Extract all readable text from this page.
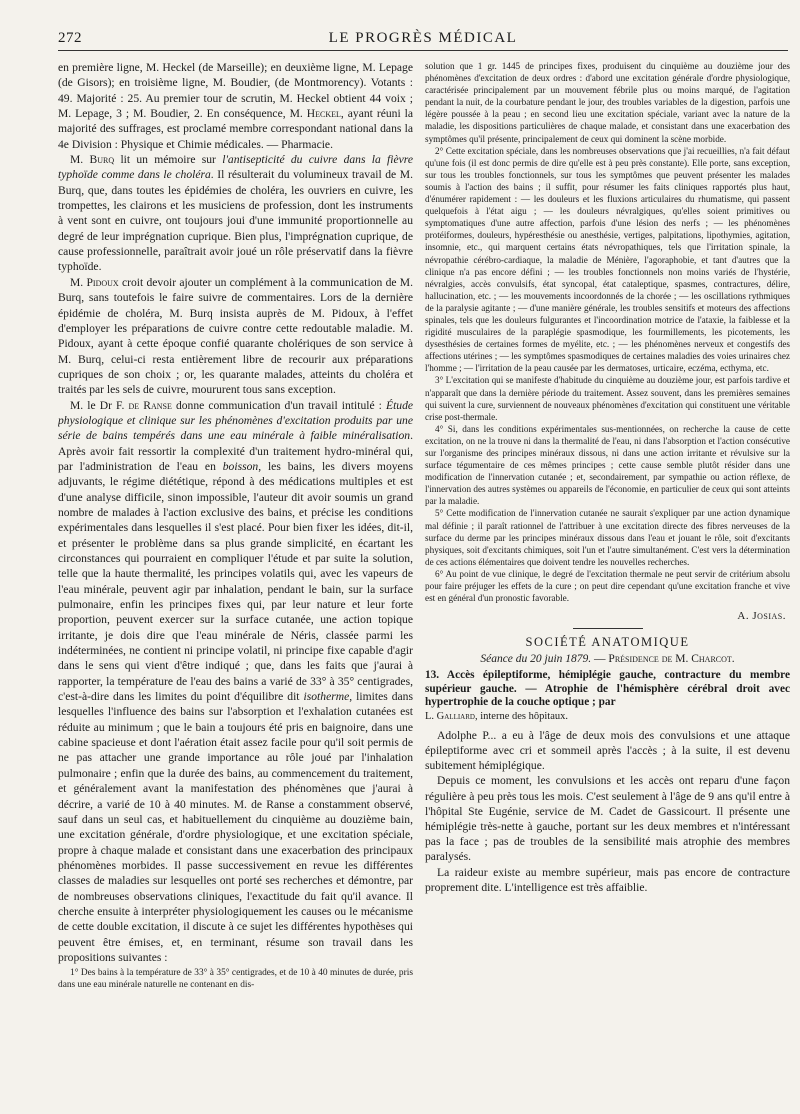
272	LE PROGRÈS MÉDICAL

en première ligne, M. Heckel (de Marseille); en deuxième ligne, M. Lepage (de Gisors); en troisième ligne, M. Boudier, (de Montmorency). Votants : 49. Majorité : 25. Au premier tour de scrutin, M. Heckel obtient 44 voix ; M. Lepage, 3 ; M. Boudier, 2. En conséquence, M. Heckel, ayant réuni la majorité des suffrages, est proclamé membre correspondant national dans la 4e Division : Physique et Chimie médicales. — Pharmacie.

M. Burq lit un mémoire sur l'antisepticité du cuivre dans la fièvre typhoïde comme dans le choléra. Il résulterait du volumineux travail de M. Burq, que, dans toutes les épidémies de choléra, les ouvriers en cuivre, les trompettes, les clairons et les musiciens de profession, dont les instruments à vent sont en cuivre, ont toujours joui d'une immunité proportionnelle au degré de leur imprégnation cuprique. Bien plus, l'imprégnation cuprique, de cause professionnelle, paraîtrait avoir joué un rôle préservatif dans la fièvre typhoïde.

M. Pidoux croit devoir ajouter un complément à la communication de M. Burq, sans toutefois le faire suivre de commentaires. Lors de la dernière épidémie de choléra, M. Burq insista auprès de M. Pidoux, à l'effet d'employer les préparations de cuivre contre cette redoutable maladie. M. Pidoux, ayant à cette époque confié quarante cholériques de son service à M. Burq, celui-ci resta entièrement libre de recourir aux préparations cupriques de son choix ; or, les quarante malades, atteints du choléra et traités par les sels de cuivre, moururent tous sans exception.

M. le Dr F. de Ranse donne communication d'un travail intitulé : Étude physiologique et clinique sur les phénomènes d'excitation produits par une série de bains tempérés dans une eau minérale à faible minéralisation. Après avoir fait ressortir la complexité d'un traitement hydro-minéral qui, par l'administration de l'eau en boisson, les bains, les divers moyens adjuvants, le régime diététique, répond à des médications multiples et est d'une analyse difficile, sinon impossible, l'auteur dit avoir soumis un grand nombre de malades à l'action exclusive des bains, et précise les conditions expérimentales dans lesquelles il s'est placé. Pour bien fixer les idées, dit-il, et présenter le problème dans sa plus grande simplicité, en écartant les circonstances qui pourraient en compliquer l'étude et par suite la solution, telle que la haute thermalité, les principes volatils qui, avec les vapeurs de l'eau minérale, peuvent agir par inhalation, pendant le bain, sur la surface pulmonaire, enfin les principes fixes qui, par leur nature et leur forte proportion, peuvent exercer sur la surface cutanée, une action topique irritante, je dois dire que l'eau minérale de Néris, classée parmi les indéterminées, ne contient ni principe volatil, ni principe fixe capable d'agir dans le sens qui vient d'être indiqué ; que, dans les faits que j'aurai à rapporter, la température de l'eau des bains a varié de 33° à 35° centigrades, c'est-à-dire dans les limites du point d'équilibre dit isotherme, limites dans lesquelles l'influence des bains sur l'absorption et l'exhalation cutanées est réduite au minimum ; que le bain a toujours été pris en baignoire, dans une cabine spacieuse et dont l'aération était assez facile pour qu'il soit permis de ne pas attacher une grande importance au rôle joué par l'inhalation pulmonaire ; enfin que la durée des bains, au commencement du traitement, et généralement avant la manifestation des phénomènes que j'aurai à décrire, a varié de 10 à 40 minutes. M. de Ranse a constamment observé, sauf dans un seul cas, et habituellement du cinquième au douzième bain, une excitation générale, d'ordre physiologique, et une excitation spéciale, propre à chaque malade et consistant dans une exacerbation des principaux phénomènes morbides. Il passe successivement en revue les différentes classes de maladies sur lesquelles ont porté ses recherches et démontre, par de nombreuses observations cliniques, l'exactitude du fait qu'il avance. Il cherche ensuite à interpréter physiologiquement les causes ou le mécanisme de cette double excitation, il discute à ce sujet les différentes hypothèses qui peuvent être émises, et, en terminant, résume son travail dans les propositions suivantes :

1° Des bains à la température de 33° à 35° centigrades, et de 10 à 40 minutes de durée, pris dans une eau minérale naturelle ne contenant en dis-

solution que 1 gr. 1445 de principes fixes, produisent du cinquième au douzième jour des phénomènes d'excitation de deux ordres : d'abord une excitation générale d'ordre physiologique, caractérisée principalement par un mouvement fébrile plus ou moins marqué, de l'agitation pendant la nuit, de la courbature pendant le jour, des troubles variables de la digestion, parfois une légère poussée à la peau ; en second lieu une excitation spéciale, variant avec la nature de la maladie, les dispositions particulières de chaque malade, et consistant dans une exacerbation des symptômes qu'il présente, principalement de ceux qui dominent la scène morbide.

2° Cette excitation spéciale, dans les nombreuses observations que j'ai recueillies, n'a fait défaut qu'une fois (il est donc permis de dire qu'elle est à peu près constante). Elle porte, sans exception, sur tous les troubles fonctionnels, sur tous les symptômes que peuvent présenter les malades soumis à l'action des bains ; il suffit, pour résumer les faits cliniques rapportés plus haut, d'énumérer rapidement : — les douleurs et les fluxions articulaires du rhumatisme, qui passent quelquefois à l'état aigu ; — les douleurs névralgiques, qu'elles soient primitives ou symptomatiques d'une autre affection, parfois d'une lésion des nerfs ; — les phénomènes protéiformes, douleurs, hypéresthésie ou anesthésie, vertiges, palpitations, lipothymies, agitation, insomnie, etc., qui marquent certains états névropathiques, tels que l'irritation spinale, la névropathie cérébro-cardiaque, la maladie de Ménière, l'agoraphobie, et tant d'autres que la clinique n'a pas encore défini ; — les troubles fonctionnels non moins variés de l'hystérie, névralgies, accès convulsifs, état syncopal, état cataleptique, spasmes, contractures, délire, hallucination, etc. ; — les mouvements incoordonnés de la chorée ; — les oscillations rythmiques de la paralysie agitante ; — d'une manière générale, les troubles sensitifs et moteurs des affections spinales, tels que les douleurs fulgurantes et l'incoordination motrice de l'ataxie, la faiblesse et la rigidité musculaires de la paraplégie spasmodique, les fourmillements, les picotements, les dysesthésies de certaines formes de myélite, etc. ; — les phénomènes nerveux et congestifs des affections utérines ; — les symptômes spasmodiques de certaines maladies des voies urinaires chez l'homme ; — l'irritation de la peau causée par les dermatoses, urticaire, eczéma, ecthyma, etc.

3° L'excitation qui se manifeste d'habitude du cinquième au douzième jour, est parfois tardive et n'apparaît que dans la dernière période du traitement. Assez souvent, dans les premières semaines qui suivent la cure, surviennent de nouveaux phénomènes d'excitation qui constituent une véritable crise post-thermale.

4° Si, dans les conditions expérimentales sus-mentionnées, on recherche la cause de cette excitation, on ne la trouve ni dans la thermalité de l'eau, ni dans l'absorption et l'action consécutive sur l'organisme des principes minéraux dissous, ni dans une action irritante et révulsive sur la surface tégumentaire de ces mêmes principes ; cette cause semble plutôt résider dans une modification de l'innervation cutanée ; et, secondairement, par sympathie ou action réflexe, de l'innervation des autres systèmes ou appareils de l'économie, en particulier de ceux qui sont atteints par la maladie.

5° Cette modification de l'innervation cutanée ne saurait s'expliquer par une action dynamique mal définie ; il paraît rationnel de l'attribuer à une excitation directe des fibres nerveuses de la surface du derme par les principes minéraux dissous dans l'eau et jouant le rôle, soit d'excitants physiques, soit d'excitants chimiques, soit l'un et l'autre simultanément. C'est vers la détermination de ces actions élémentaires que doivent tendre les nouvelles recherches.

6° Au point de vue clinique, le degré de l'excitation thermale ne peut servir de critérium absolu pour faire préjuger les effets de la cure ; on peut dire cependant qu'une excitation franche et vive est en général d'un pronostic favorable.

A. Josias.
SOCIÉTÉ ANATOMIQUE
Séance du 20 juin 1879. — Présidence de M. Charcot.
13. Accès épileptiforme, hémiplégie gauche, contracture du membre supérieur gauche. — Atrophie de l'hémisphère cérébral droit avec hypertrophie de la couche optique ; par
L. Galliard, interne des hôpitaux.

Adolphe P... a eu à l'âge de deux mois des convulsions et une attaque épileptiforme avec cri et sommeil après l'accès ; à la suite, il est devenu subitement hémiplégique.

Depuis ce moment, les convulsions et les accès ont reparu d'une façon régulière à peu près tous les mois. C'est seulement à l'âge de 9 ans qu'il entre à l'hôpital Ste Eugénie, service de M. Cadet de Gassicourt. Il présente une hémiplégie très-nette à gauche, portant sur les deux membres et n'intéressant pas la face ; pas de troubles de la sensibilité mais atrophie des membres paralysés.

La raideur existe au membre supérieur, mais pas encore de contracture proprement dite. L'intelligence est très affaiblie.
